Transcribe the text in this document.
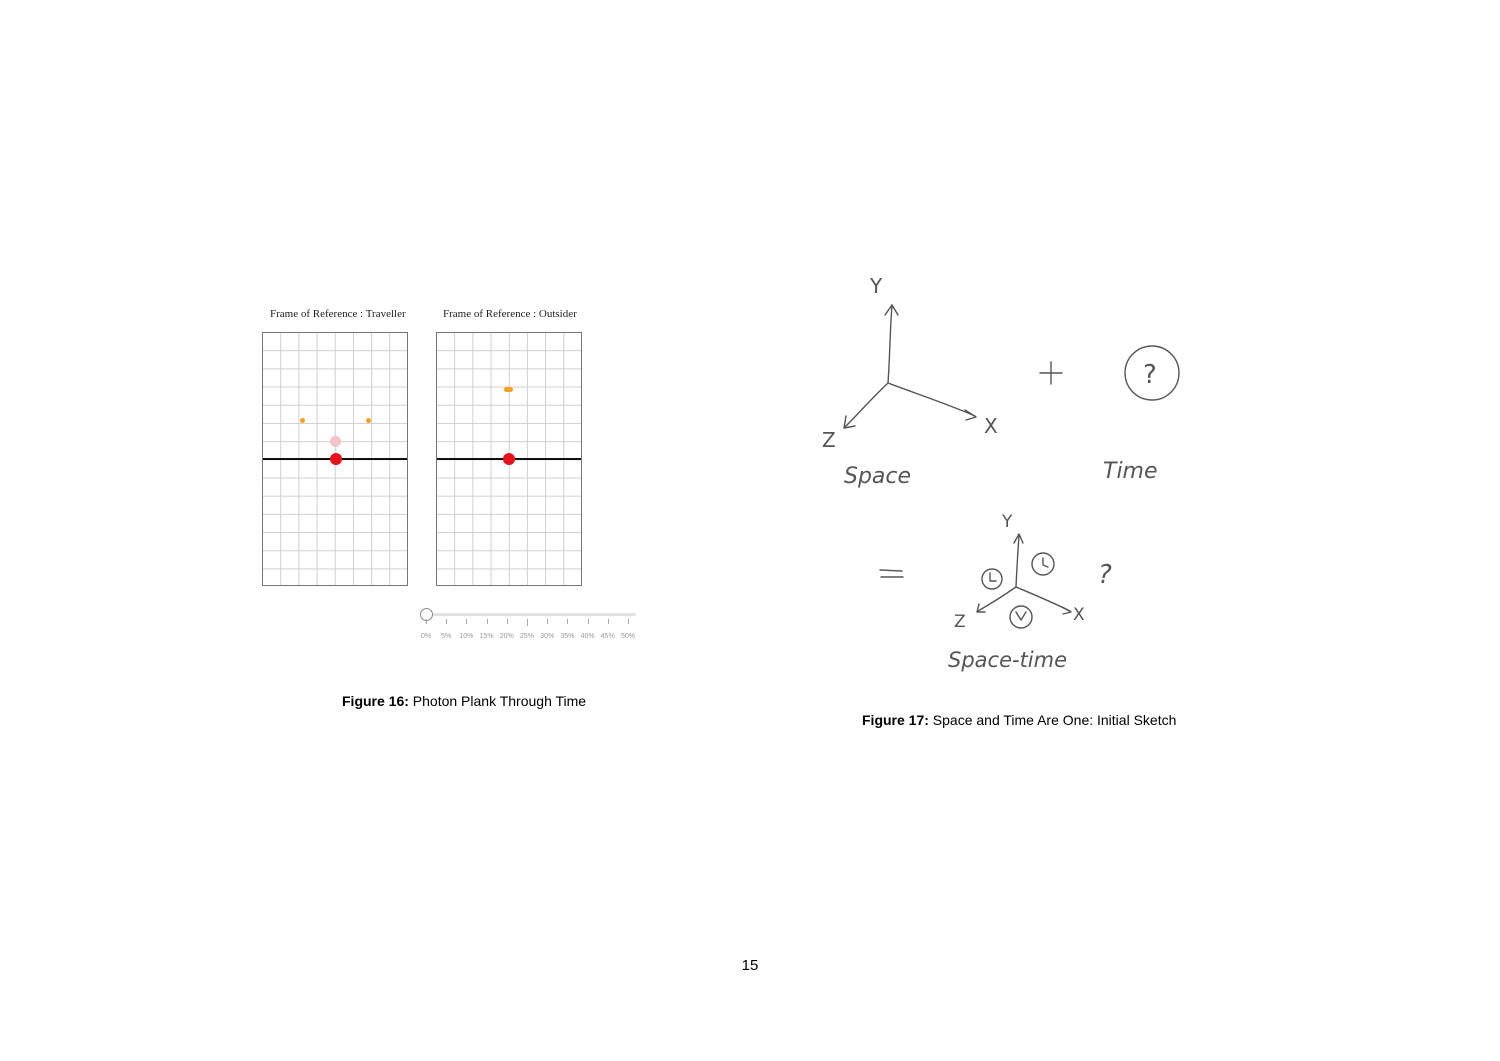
Frame of Reference : Traveller	Frame of Reference : Outsider
0% 5% 10% 15% 20% 25% 30% 35% 40% 45% 50%
Figure 16: Photon Plank Through Time
Y
X
Z
Space
?
Time
Y
X
Z
?
Space-time
Figure 17: Space and Time Are One: Initial Sketch
15
